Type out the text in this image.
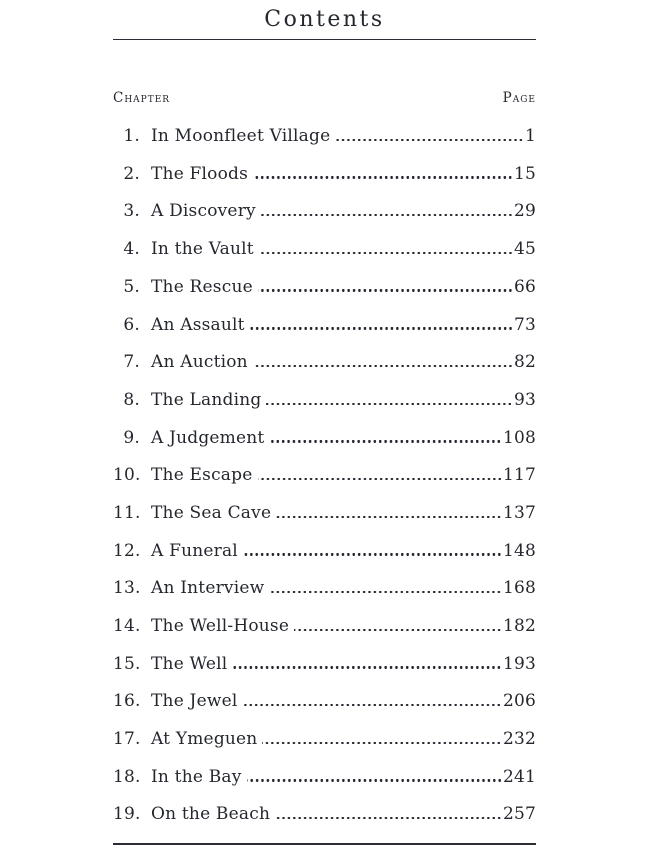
Contents
Chapter	Page
1. In Moonfleet Village	1
2. The Floods	15
3. A Discovery	29
4. In the Vault	45
5. The Rescue	66
6. An Assault	73
7. An Auction	82
8. The Landing	93
9. A Judgement	108
10. The Escape	117
11. The Sea Cave	137
12. A Funeral	148
13. An Interview	168
14. The Well-House	182
15. The Well	193
16. The Jewel	206
17. At Ymeguen	232
18. In the Bay	241
19. On the Beach	257
